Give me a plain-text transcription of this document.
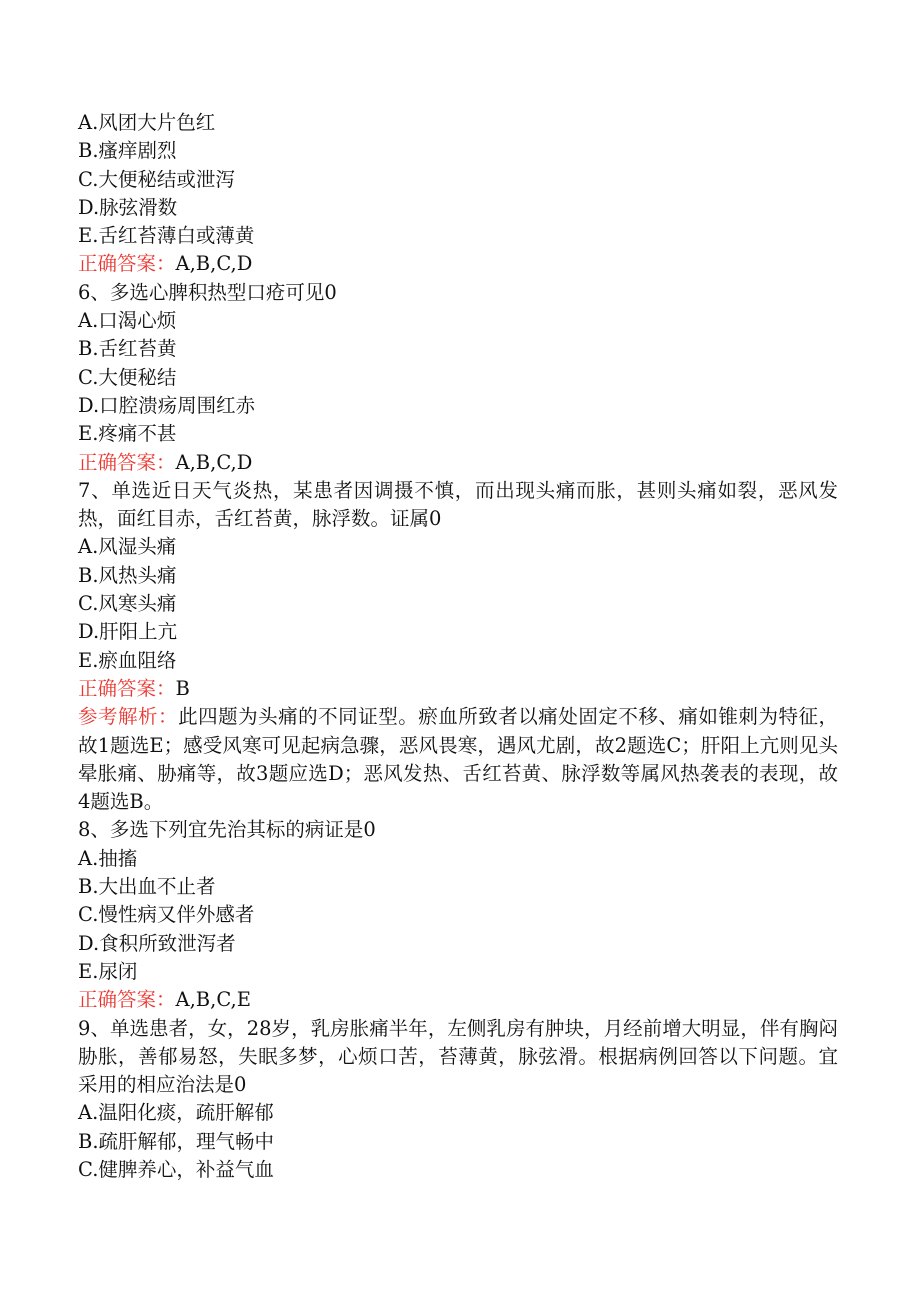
A.风团大片色红
B.瘙痒剧烈
C.大便秘结或泄泻
D.脉弦滑数
E.舌红苔薄白或薄黄
正确答案：A,B,C,D
6、多选心脾积热型口疮可见0
A.口渴心烦
B.舌红苔黄
C.大便秘结
D.口腔溃疡周围红赤
E.疼痛不甚
正确答案：A,B,C,D
7、单选近日天气炎热，某患者因调摄不慎，而出现头痛而胀，甚则头痛如裂，恶风发热，面红目赤，舌红苔黄，脉浮数。证属0
A.风湿头痛
B.风热头痛
C.风寒头痛
D.肝阳上亢
E.瘀血阻络
正确答案：B
参考解析：此四题为头痛的不同证型。瘀血所致者以痛处固定不移、痛如锥刺为特征，故1题选E；感受风寒可见起病急骤，恶风畏寒，遇风尤剧，故2题选C；肝阳上亢则见头晕胀痛、胁痛等，故3题应选D；恶风发热、舌红苔黄、脉浮数等属风热袭表的表现，故4题选B。
8、多选下列宜先治其标的病证是0
A.抽搐
B.大出血不止者
C.慢性病又伴外感者
D.食积所致泄泻者
E.尿闭
正确答案：A,B,C,E
9、单选患者，女，28岁，乳房胀痛半年，左侧乳房有肿块，月经前增大明显，伴有胸闷胁胀，善郁易怒，失眠多梦，心烦口苦，苔薄黄，脉弦滑。根据病例回答以下问题。宜采用的相应治法是0
A.温阳化痰，疏肝解郁
B.疏肝解郁，理气畅中
C.健脾养心，补益气血
